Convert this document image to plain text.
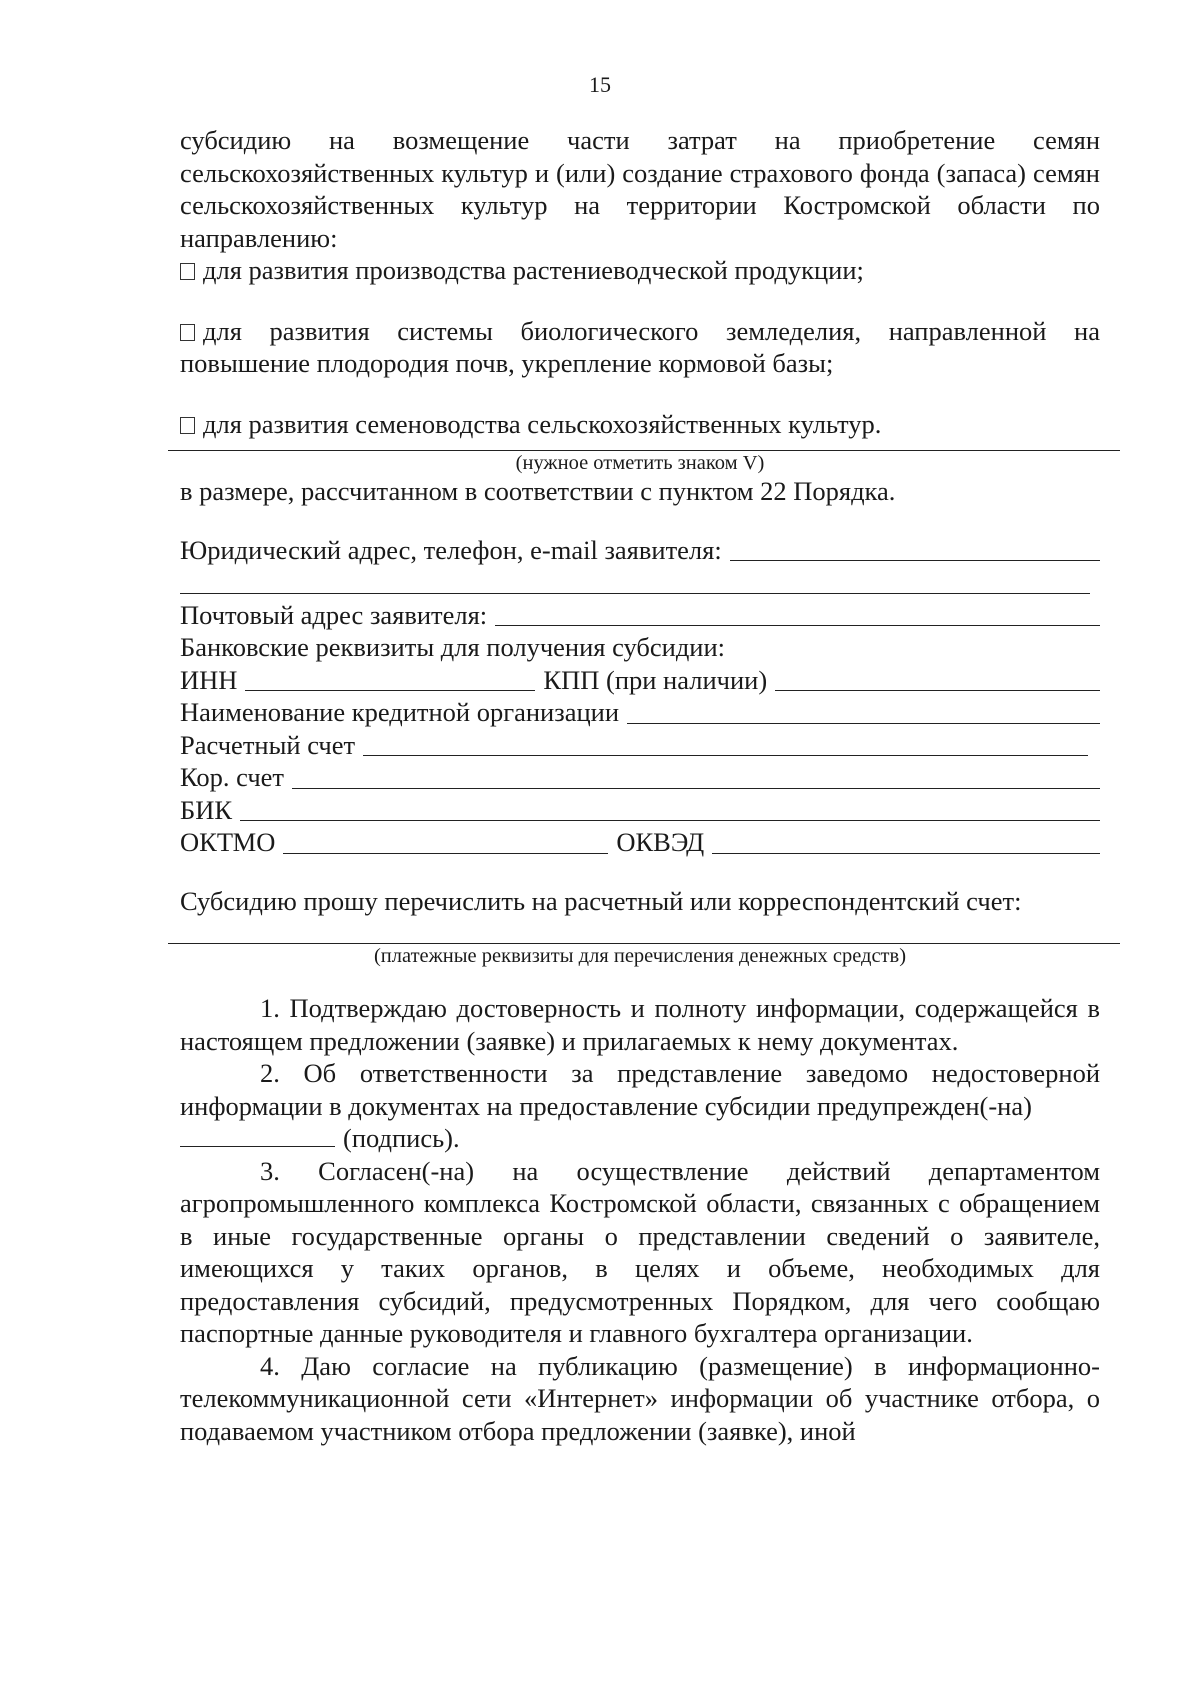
15

субсидию на возмещение части затрат на приобретение семян

сельскохозяйственных культур и (или) создание страхового фонда (запаса) семян сельскохозяйственных культур на территории Костромской области по направлению:

для развития производства растениеводческой продукции;

для развития системы биологического земледелия, направленной на повышение плодородия почв, укрепление кормовой базы;

для развития семеноводства сельскохозяйственных культур.

(нужное отметить знаком V)

в размере, рассчитанном в соответствии с пунктом 22 Порядка.

Юридический адрес, телефон, e-mail заявителя:
Почтовый адрес заявителя:
Банковские реквизиты для получения субсидии:
ИНН	КПП (при наличии)
Наименование кредитной организации
Расчетный счет
Кор. счет
БИК
ОКТМО	ОКВЭД

Субсидию прошу перечислить на расчетный или корреспондентский счет:

(платежные реквизиты для перечисления денежных средств)

1. Подтверждаю достоверность и полноту информации, содержащейся в настоящем предложении (заявке) и прилагаемых к нему документах.

2. Об ответственности за представление заведомо недостоверной информации в документах на предоставление субсидии предупрежден(-на)

(подпись).

3. Согласен(-на) на осуществление действий департаментом агропромышленного комплекса Костромской области, связанных с обращением в иные государственные органы о представлении сведений о заявителе, имеющихся у таких органов, в целях и объеме, необходимых для предоставления субсидий, предусмотренных Порядком, для чего сообщаю паспортные данные руководителя и главного бухгалтера организации.

4. Даю согласие на публикацию (размещение) в информационно-телекоммуникационной сети «Интернет» информации об участнике отбора, о подаваемом участником отбора предложении (заявке), иной
